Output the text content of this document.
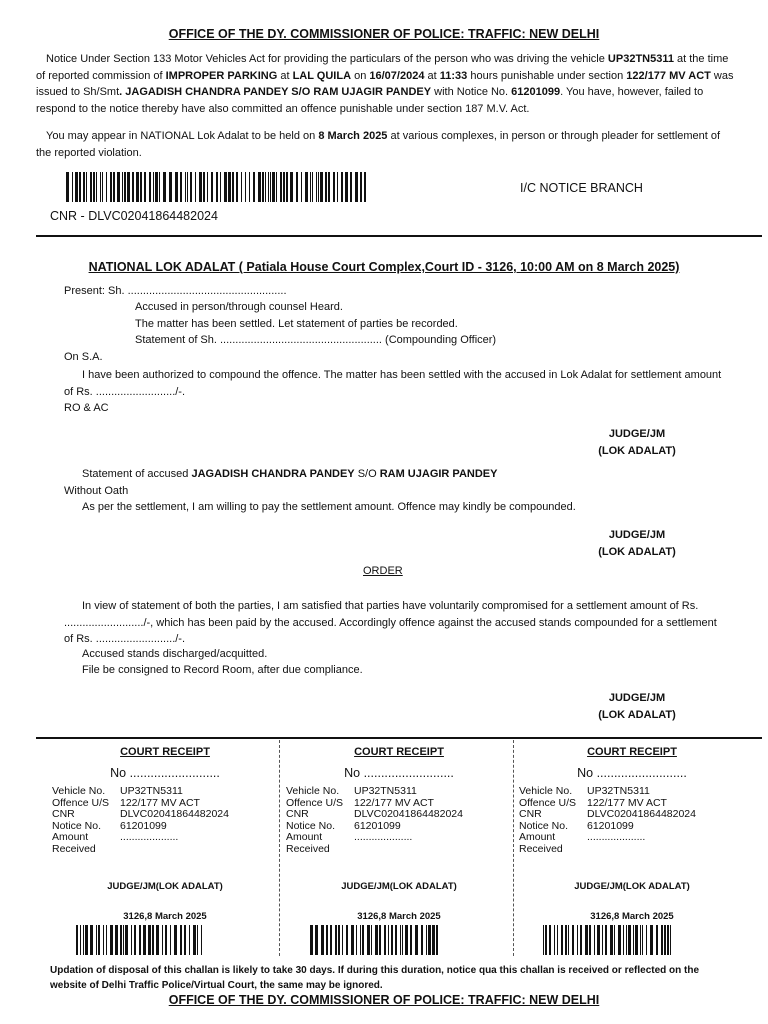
OFFICE OF THE DY. COMMISSIONER OF POLICE: TRAFFIC: NEW DELHI
Notice Under Section 133 Motor Vehicles Act for providing the particulars of the person who was driving the vehicle UP32TN5311 at the time of reported commission of IMPROPER PARKING at LAL QUILA on 16/07/2024 at 11:33 hours punishable under section 122/177 MV ACT was issued to Sh/Smt. JAGADISH CHANDRA PANDEY S/O RAM UJAGIR PANDEY with Notice No. 61201099. You have, however, failed to respond to the notice thereby have also committed an offence punishable under section 187 M.V. Act.
You may appear in NATIONAL Lok Adalat to be held on 8 March 2025 at various complexes, in person or through pleader for settlement of the reported violation.
I/C NOTICE BRANCH
CNR - DLVC02041864482024
NATIONAL LOK ADALAT ( Patiala House Court Complex,Court ID - 3126, 10:00 AM on 8 March 2025)
Present: Sh. ....................................................
Accused in person/through counsel Heard.
The matter has been settled. Let statement of parties be recorded.
Statement of Sh. ..................................................... (Compounding Officer)
On S.A.
I have been authorized to compound the offence. The matter has been settled with the accused in Lok Adalat for settlement amount of Rs. ........................../-.
RO & AC
JUDGE/JM
(LOK ADALAT)
Statement of accused JAGADISH CHANDRA PANDEY S/O RAM UJAGIR PANDEY
Without Oath
As per the settlement, I am willing to pay the settlement amount. Offence may kindly be compounded.
JUDGE/JM
(LOK ADALAT)
ORDER
In view of statement of both the parties, I am satisfied that parties have voluntarily compromised for a settlement amount of Rs. ........................../-, which has been paid by the accused. Accordingly offence against the accused stands compounded for a settlement of Rs. ........................../-.
Accused stands discharged/acquitted.
File be consigned to Record Room, after due compliance.
JUDGE/JM
(LOK ADALAT)
COURT RECEIPT
No ..........................
Vehicle No.	UP32TN5311
Offence U/S	122/177 MV ACT
CNR	DLVC02041864482024
Notice No.	61201099
Amount	....................
Received	
JUDGE/JM(LOK ADALAT)
3126,8 March 2025
COURT RECEIPT
No ..........................
Vehicle No.	UP32TN5311
Offence U/S	122/177 MV ACT
CNR	DLVC02041864482024
Notice No.	61201099
Amount	....................
Received	
JUDGE/JM(LOK ADALAT)
3126,8 March 2025
COURT RECEIPT
No ..........................
Vehicle No.	UP32TN5311
Offence U/S	122/177 MV ACT
CNR	DLVC02041864482024
Notice No.	61201099
Amount	....................
Received	
JUDGE/JM(LOK ADALAT)
3126,8 March 2025
Updation of disposal of this challan is likely to take 30 days. If during this duration, notice qua this challan is received or reflected on the website of Delhi Traffic Police/Virtual Court, the same may be ignored.
OFFICE OF THE DY. COMMISSIONER OF POLICE: TRAFFIC: NEW DELHI
